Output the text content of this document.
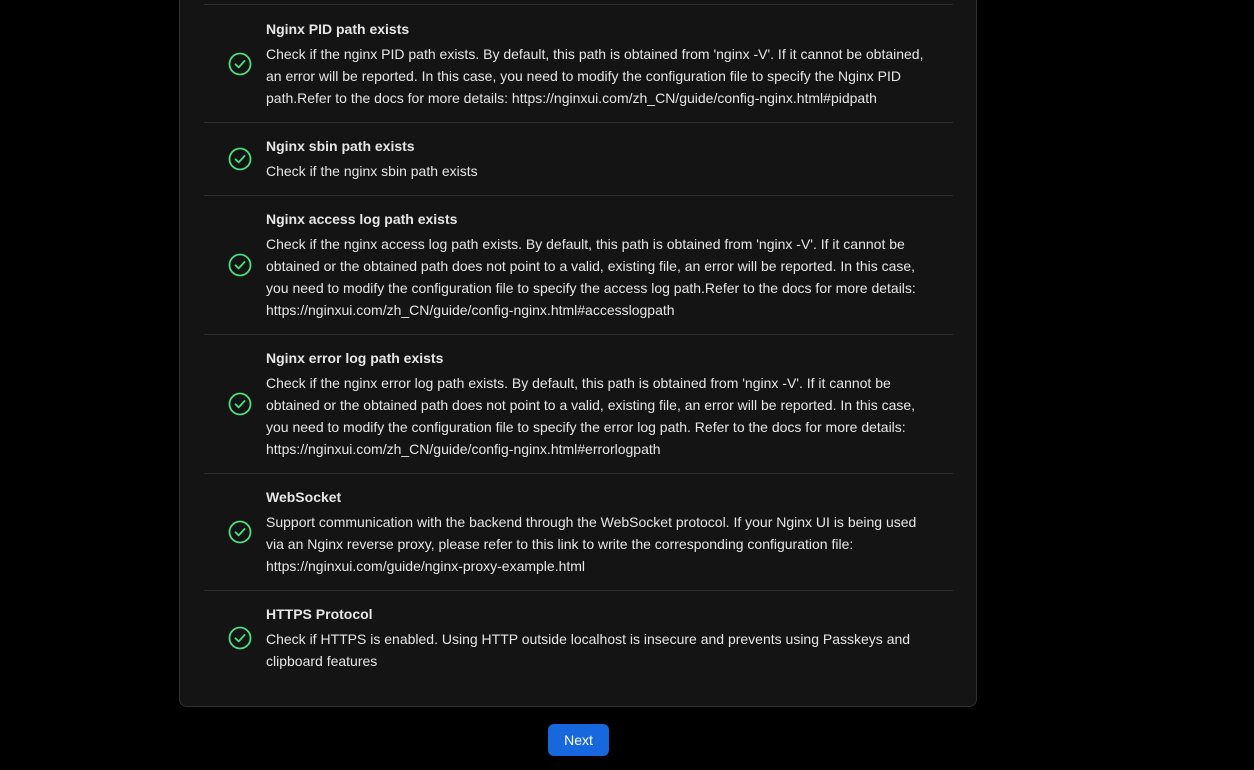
Nginx PID path exists
Check if the nginx PID path exists. By default, this path is obtained from 'nginx -V'. If it cannot be obtained, an error will be reported. In this case, you need to modify the configuration file to specify the Nginx PID path.Refer to the docs for more details: https://nginxui.com/zh_CN/guide/config-nginx.html#pidpath
Nginx sbin path exists
Check if the nginx sbin path exists
Nginx access log path exists
Check if the nginx access log path exists. By default, this path is obtained from 'nginx -V'. If it cannot be obtained or the obtained path does not point to a valid, existing file, an error will be reported. In this case, you need to modify the configuration file to specify the access log path.Refer to the docs for more details: https://nginxui.com/zh_CN/guide/config-nginx.html#accesslogpath
Nginx error log path exists
Check if the nginx error log path exists. By default, this path is obtained from 'nginx -V'. If it cannot be obtained or the obtained path does not point to a valid, existing file, an error will be reported. In this case, you need to modify the configuration file to specify the error log path. Refer to the docs for more details: https://nginxui.com/zh_CN/guide/config-nginx.html#errorlogpath
WebSocket
Support communication with the backend through the WebSocket protocol. If your Nginx UI is being used via an Nginx reverse proxy, please refer to this link to write the corresponding configuration file: https://nginxui.com/guide/nginx-proxy-example.html
HTTPS Protocol
Check if HTTPS is enabled. Using HTTP outside localhost is insecure and prevents using Passkeys and clipboard features
Next
